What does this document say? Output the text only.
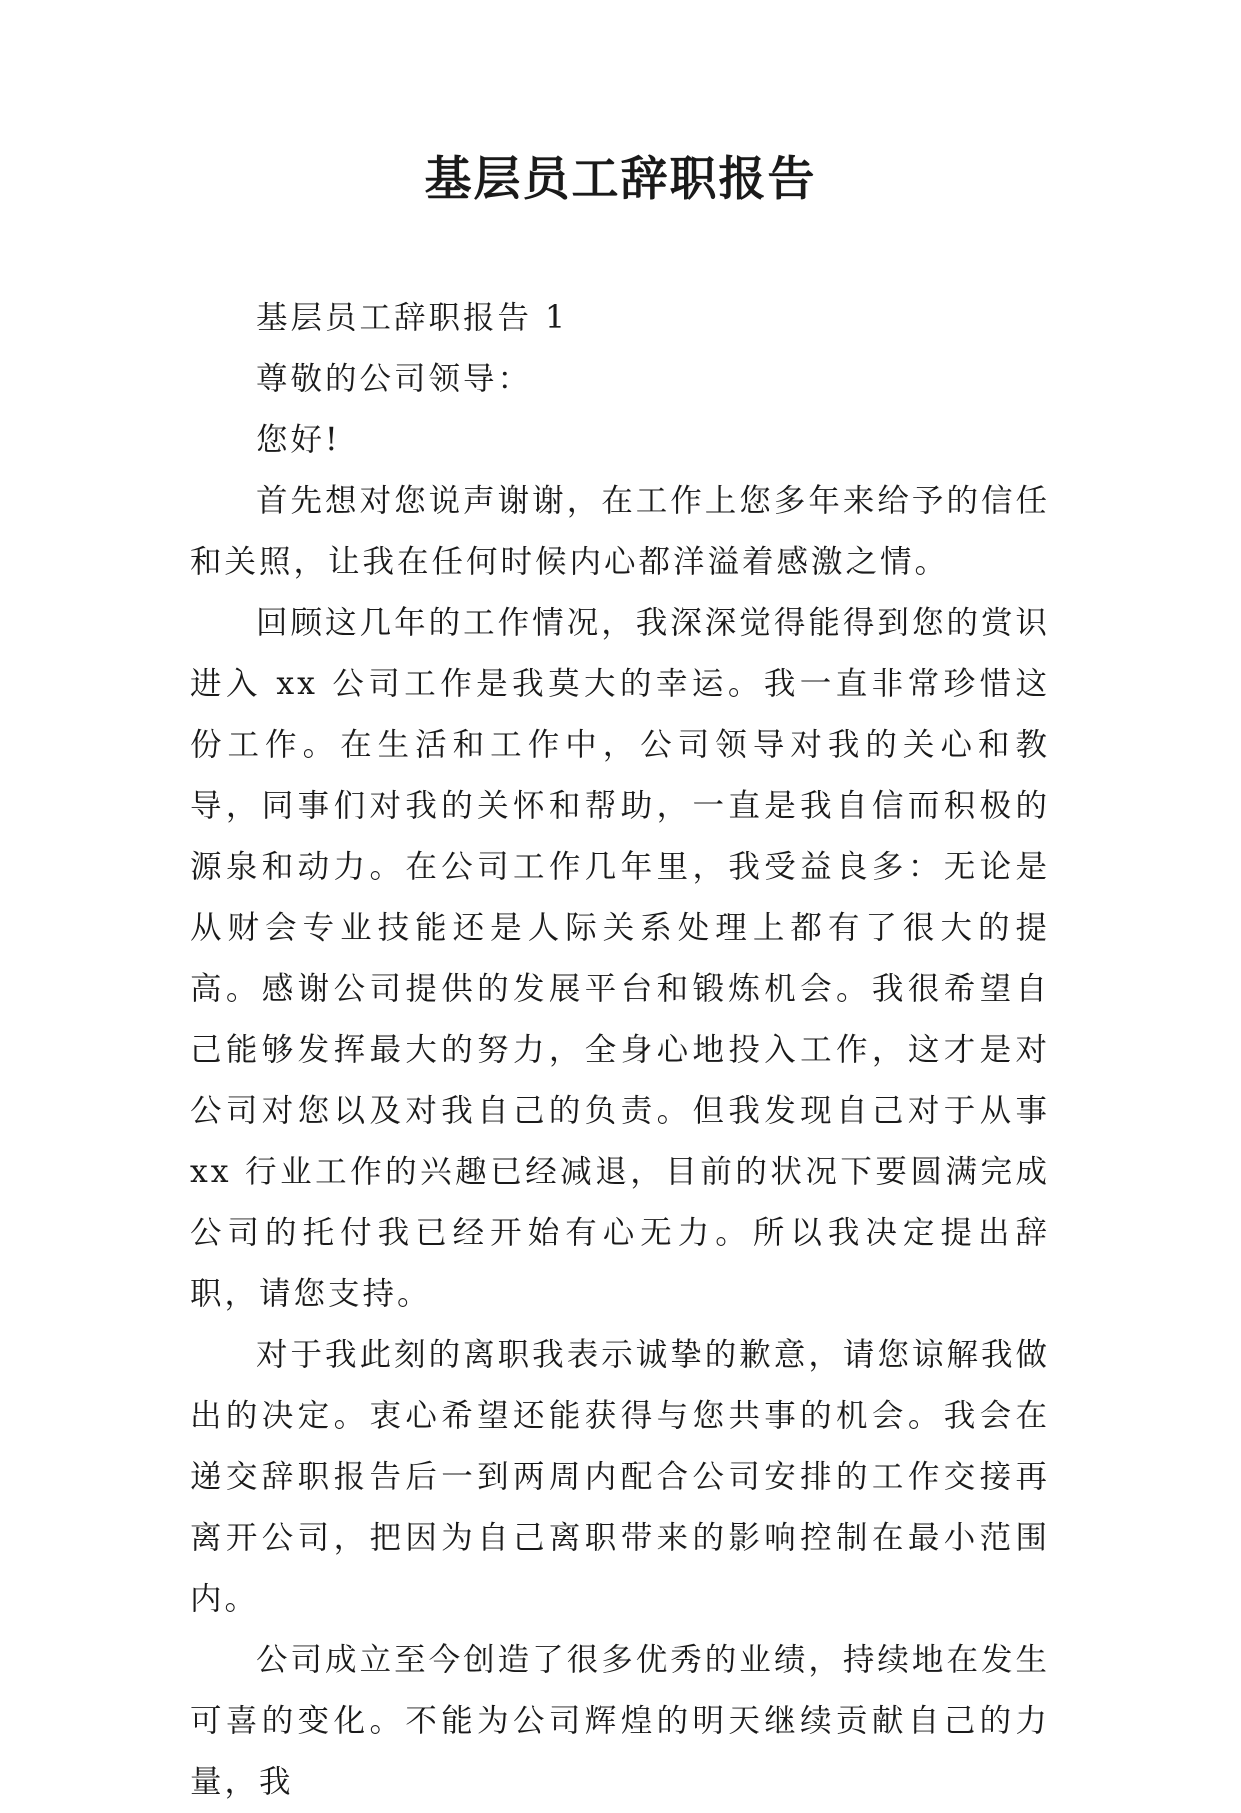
基层员工辞职报告

基层员工辞职报告 1

尊敬的公司领导：

您好!

首先想对您说声谢谢，在工作上您多年来给予的信任和关照，让我在任何时候内心都洋溢着感激之情。

回顾这几年的工作情况，我深深觉得能得到您的赏识进入 xx 公司工作是我莫大的幸运。我一直非常珍惜这份工作。在生活和工作中，公司领导对我的关心和教导，同事们对我的关怀和帮助，一直是我自信而积极的源泉和动力。在公司工作几年里，我受益良多：无论是从财会专业技能还是人际关系处理上都有了很大的提高。感谢公司提供的发展平台和锻炼机会。我很希望自己能够发挥最大的努力，全身心地投入工作，这才是对公司对您以及对我自己的负责。但我发现自己对于从事 xx 行业工作的兴趣已经减退，目前的状况下要圆满完成公司的托付我已经开始有心无力。所以我决定提出辞职，请您支持。

对于我此刻的离职我表示诚挚的歉意，请您谅解我做出的决定。衷心希望还能获得与您共事的机会。我会在递交辞职报告后一到两周内配合公司安排的工作交接再离开公司，把因为自己离职带来的影响控制在最小范围内。

公司成立至今创造了很多优秀的业绩，持续地在发生可喜的变化。不能为公司辉煌的明天继续贡献自己的力量，我
